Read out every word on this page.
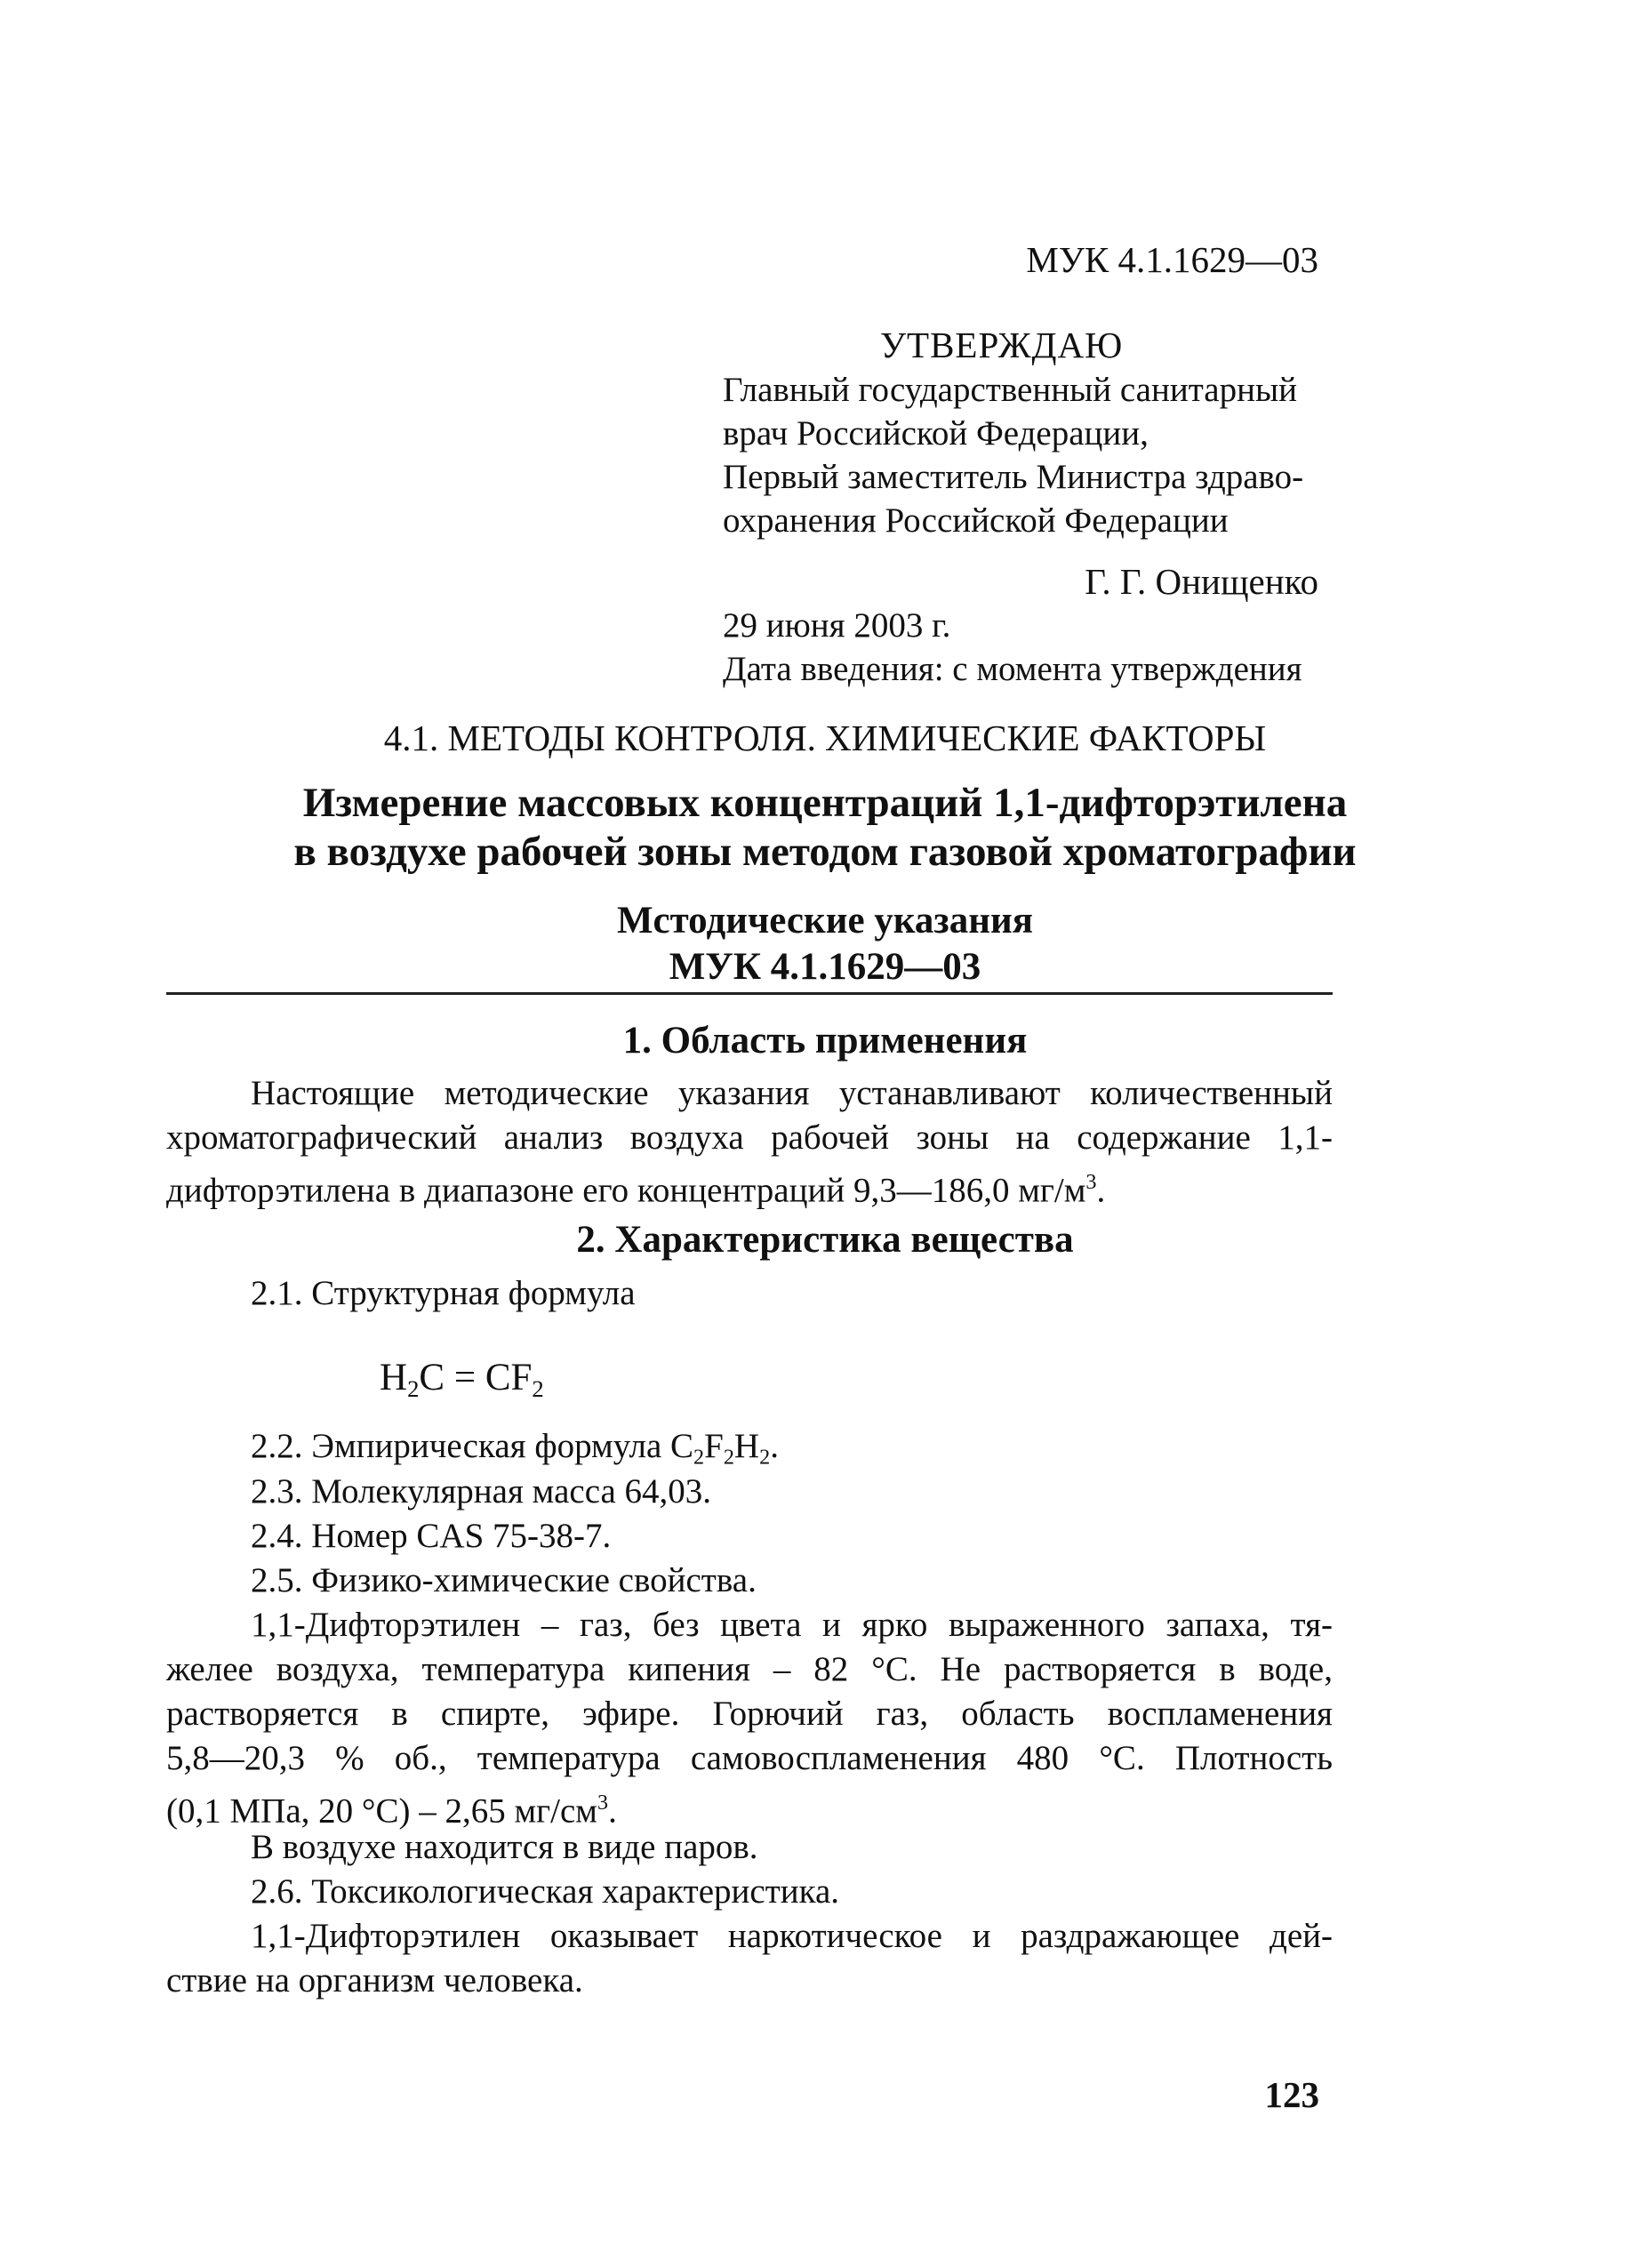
МУК 4.1.1629—03
УТВЕРЖДАЮ
Главный государственный санитарный
врач Российской Федерации,
Первый заместитель Министра здраво-
охранения Российской Федерации
Г. Г. Онищенко
29 июня 2003 г.
Дата введения: с момента утверждения
4.1. МЕТОДЫ КОНТРОЛЯ. ХИМИЧЕСКИЕ ФАКТОРЫ
Измерение массовых концентраций 1,1-дифторэтилена
в воздухе рабочей зоны методом газовой хроматографии
Мстодические указания
МУК 4.1.1629—03
1. Область применения
Настоящие методические указания устанавливают количественный
хроматографический анализ воздуха рабочей зоны на содержание 1,1-
дифторэтилена в диапазоне его концентраций 9,3—186,0 $мг/м^3$.
2. Характеристика вещества
2.1. Структурная формула
$H_2C = CF_2$
2.2. Эмпирическая формула $C_2F_2H_2$.
2.3. Молекулярная масса 64,03.
2.4. Номер CAS 75-38-7.
2.5. Физико-химические свойства.
1,1-Дифторэтилен – газ, без цвета и ярко выраженного запаха, тя-
желее воздуха, температура кипения – 82 °С. Не растворяется в воде,
растворяется в спирте, эфире. Горючий газ, область воспламенения
5,8—20,3 % об., температура самовоспламенения 480 °С. Плотность
(0,1 МПа, 20 °С) – 2,65 $мг/см^3$.
В воздухе находится в виде паров.
2.6. Токсикологическая характеристика.
1,1-Дифторэтилен оказывает наркотическое и раздражающее дей-
ствие на организм человека.
123
